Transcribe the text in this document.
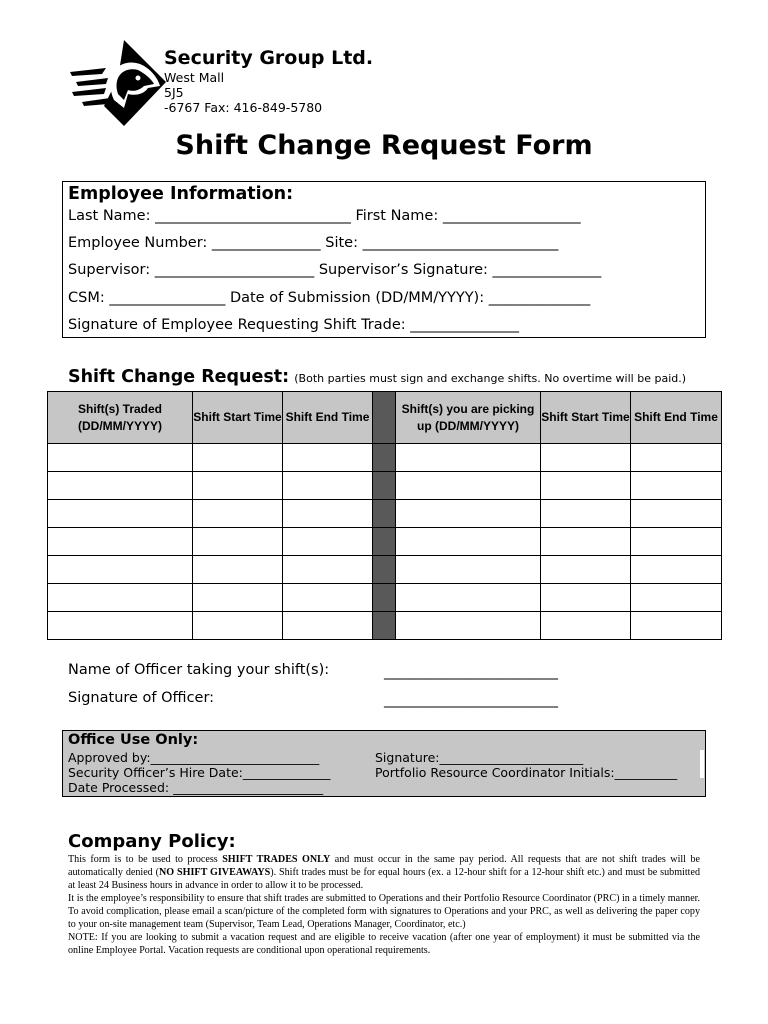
Security Group Ltd.
West Mall
5J5
-6767 Fax: 416-849-5780
Shift Change Request Form
Employee Information:
Last Name: ___________________________ First Name: ___________________
Employee Number: _______________ Site: ___________________________
Supervisor: ______________________ Supervisor’s Signature: _______________
CSM: ________________ Date of Submission (DD/MM/YYYY): ______________
Signature of Employee Requesting Shift Trade: _______________
Shift Change Request: (Both parties must sign and exchange shifts. No overtime will be paid.)
Shift(s) Traded (DD/MM/YYYY)	Shift Start Time	Shift End Time		Shift(s) you are picking up (DD/MM/YYYY)	Shift Start Time	Shift End Time

Name of Officer taking your shift(s):	________________________
Signature of Officer:	________________________
Office Use Only:
Approved by:___________________________
Security Officer’s Hire Date:______________
Date Processed: ________________________
Signature:_______________________
Portfolio Resource Coordinator Initials:__________
Company Policy:

This form is to be used to process SHIFT TRADES ONLY and must occur in the same pay period. All requests that are not shift trades will be automatically denied (NO SHIFT GIVEAWAYS). Shift trades must be for equal hours (ex. a 12-hour shift for a 12-hour shift etc.) and must be submitted at least 24 Business hours in advance in order to allow it to be processed.

It is the employee’s responsibility to ensure that shift trades are submitted to Operations and their Portfolio Resource Coordinator (PRC) in a timely manner. To avoid complication, please email a scan/picture of the completed form with signatures to Operations and your PRC, as well as delivering the paper copy to your on-site management team (Supervisor, Team Lead, Operations Manager, Coordinator, etc.)

NOTE: If you are looking to submit a vacation request and are eligible to receive vacation (after one year of employment) it must be submitted via the online Employee Portal. Vacation requests are conditional upon operational requirements.
